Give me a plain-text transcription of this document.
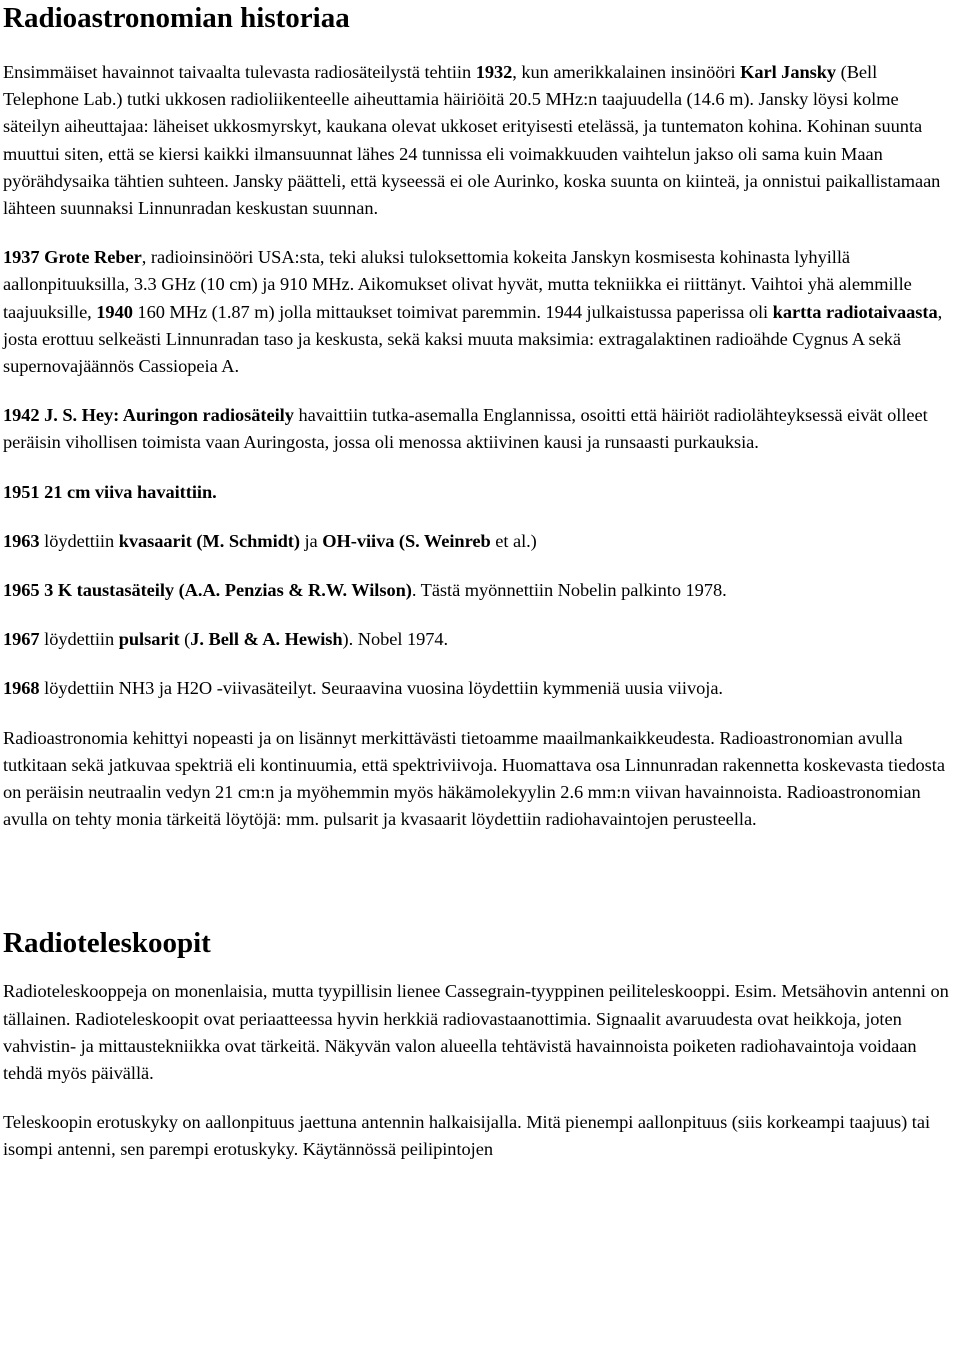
Radioastronomian historiaa

Ensimmäiset havainnot taivaalta tulevasta radiosäteilystä tehtiin 1932, kun amerikkalainen insinööri Karl Jansky (Bell Telephone Lab.) tutki ukkosen radioliikenteelle aiheuttamia häiriöitä 20.5 MHz:n taajuudella (14.6 m). Jansky löysi kolme säteilyn aiheuttajaa: läheiset ukkosmyrskyt, kaukana olevat ukkoset erityisesti etelässä, ja tuntematon kohina. Kohinan suunta muuttui siten, että se kiersi kaikki ilmansuunnat lähes 24 tunnissa eli voimakkuuden vaihtelun jakso oli sama kuin Maan pyörähdysaika tähtien suhteen. Jansky päätteli, että kyseessä ei ole Aurinko, koska suunta on kiinteä, ja onnistui paikallistamaan lähteen suunnaksi Linnunradan keskustan suunnan.

1937 Grote Reber, radioinsinööri USA:sta, teki aluksi tuloksettomia kokeita Janskyn kosmisesta kohinasta lyhyillä aallonpituuksilla, 3.3 GHz (10 cm) ja 910 MHz. Aikomukset olivat hyvät, mutta tekniikka ei riittänyt. Vaihtoi yhä alemmille taajuuksille, 1940 160 MHz (1.87 m) jolla mittaukset toimivat paremmin. 1944 julkaistussa paperissa oli kartta radiotaivaasta, josta erottuu selkeästi Linnunradan taso ja keskusta, sekä kaksi muuta maksimia: extragalaktinen radioähde Cygnus A sekä supernovajäännös Cassiopeia A.

1942 J. S. Hey: Auringon radiosäteily havaittiin tutka-asemalla Englannissa, osoitti että häiriöt radiolähteyksessä eivät olleet peräisin vihollisen toimista vaan Auringosta, jossa oli menossa aktiivinen kausi ja runsaasti purkauksia.

1951 21 cm viiva havaittiin.

1963 löydettiin kvasaarit (M. Schmidt) ja OH-viiva (S. Weinreb et al.)

1965 3 K taustasäteily (A.A. Penzias & R.W. Wilson). Tästä myönnettiin Nobelin palkinto 1978.

1967 löydettiin pulsarit (J. Bell & A. Hewish). Nobel 1974.

1968 löydettiin NH3 ja H2O -viivasäteilyt. Seuraavina vuosina löydettiin kymmeniä uusia viivoja.

Radioastronomia kehittyi nopeasti ja on lisännyt merkittävästi tietoamme maailmankaikkeudesta. Radioastronomian avulla tutkitaan sekä jatkuvaa spektriä eli kontinuumia, että spektriviivoja. Huomattava osa Linnunradan rakennetta koskevasta tiedosta on peräisin neutraalin vedyn 21 cm:n ja myöhemmin myös häkämolekyylin 2.6 mm:n viivan havainnoista. Radioastronomian avulla on tehty monia tärkeitä löytöjä: mm. pulsarit ja kvasaarit löydettiin radiohavaintojen perusteella.

Radioteleskoopit

Radioteleskooppeja on monenlaisia, mutta tyypillisin lienee Cassegrain-tyyppinen peiliteleskooppi. Esim. Metsähovin antenni on tällainen. Radioteleskoopit ovat periaatteessa hyvin herkkiä radiovastaanottimia. Signaalit avaruudesta ovat heikkoja, joten vahvistin- ja mittaustekniikka ovat tärkeitä. Näkyvän valon alueella tehtävistä havainnoista poiketen radiohavaintoja voidaan tehdä myös päivällä.

Teleskoopin erotuskyky on aallonpituus jaettuna antennin halkaisijalla. Mitä pienempi aallonpituus (siis korkeampi taajuus) tai isompi antenni, sen parempi erotuskyky. Käytännössä peilipintojen
